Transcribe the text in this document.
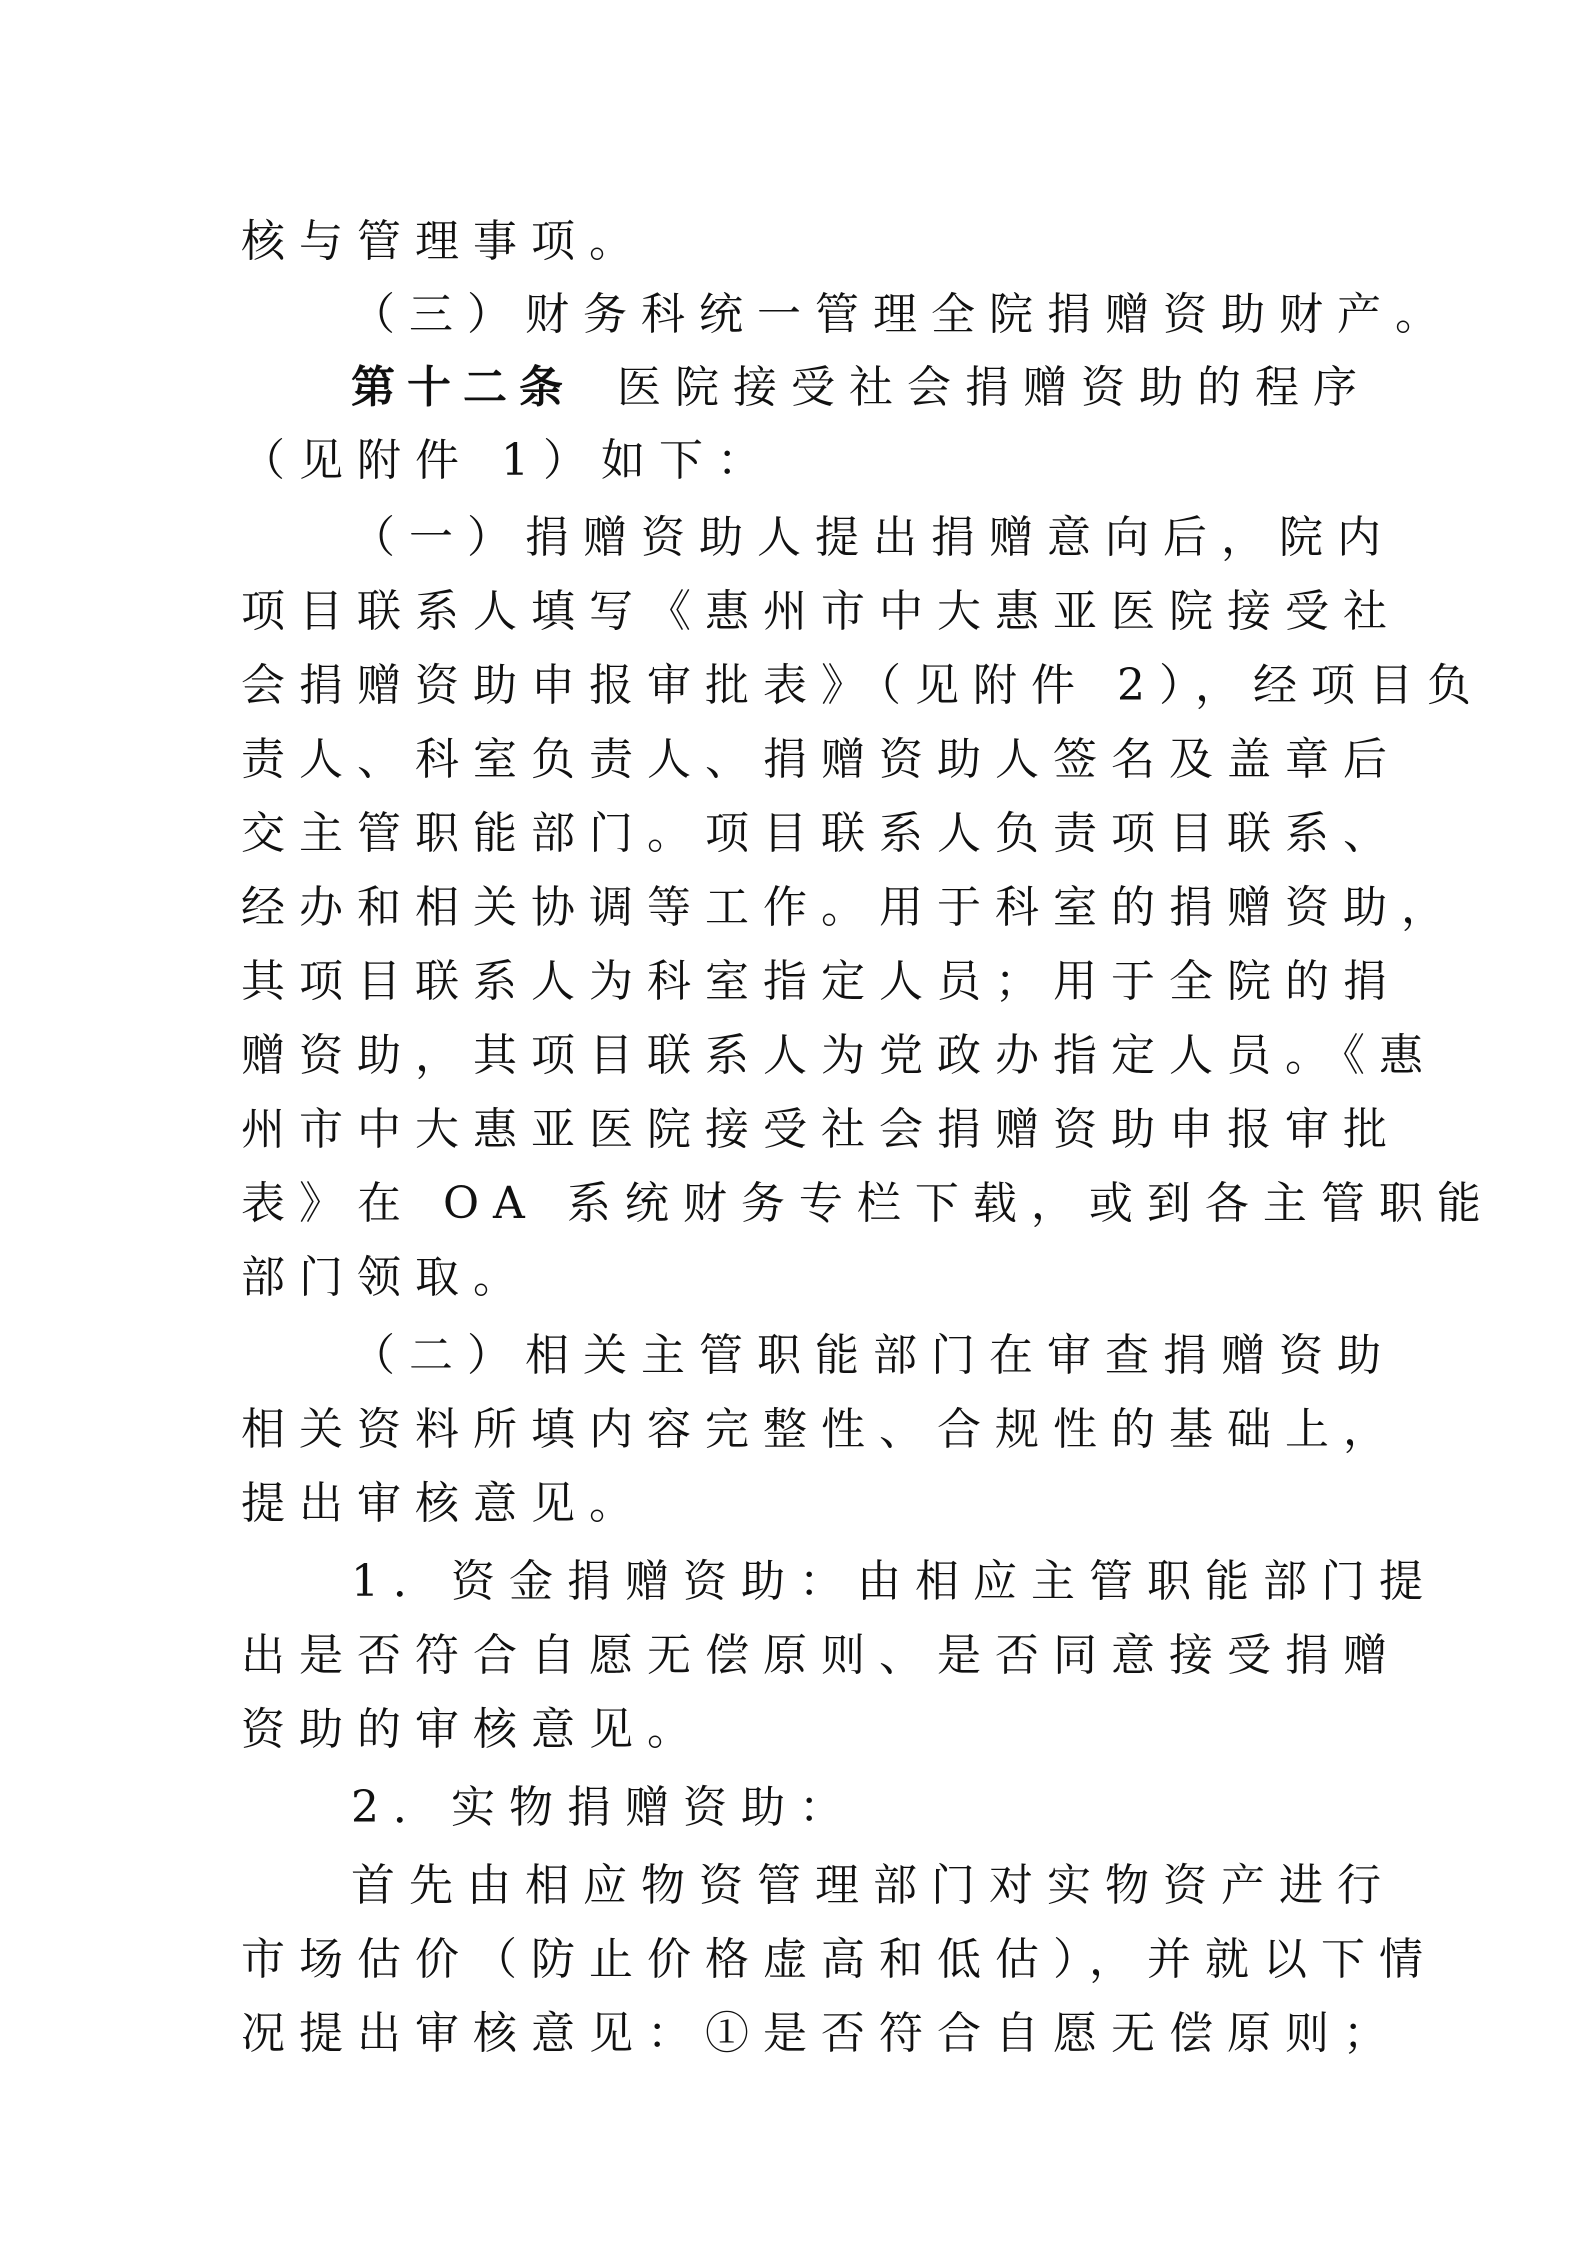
核与管理事项。
（三）财务科统一管理全院捐赠资助财产。
第十二条 医院接受社会捐赠资助的程序
（见附件 1）如下：
（一）捐赠资助人提出捐赠意向后，院内
项目联系人填写《惠州市中大惠亚医院接受社
会捐赠资助申报审批表》（见附件 2），经项目负
责人、科室负责人、捐赠资助人签名及盖章后
交主管职能部门。项目联系人负责项目联系、
经办和相关协调等工作。用于科室的捐赠资助，
其项目联系人为科室指定人员；用于全院的捐
赠资助，其项目联系人为党政办指定人员。《惠
州市中大惠亚医院接受社会捐赠资助申报审批
表》在 OA 系统财务专栏下载，或到各主管职能
部门领取。
（二）相关主管职能部门在审查捐赠资助
相关资料所填内容完整性、合规性的基础上，
提出审核意见。
1．资金捐赠资助：由相应主管职能部门提
出是否符合自愿无偿原则、是否同意接受捐赠
资助的审核意见。
2．实物捐赠资助：
首先由相应物资管理部门对实物资产进行
市场估价（防止价格虚高和低估），并就以下情
况提出审核意见：①是否符合自愿无偿原则；
